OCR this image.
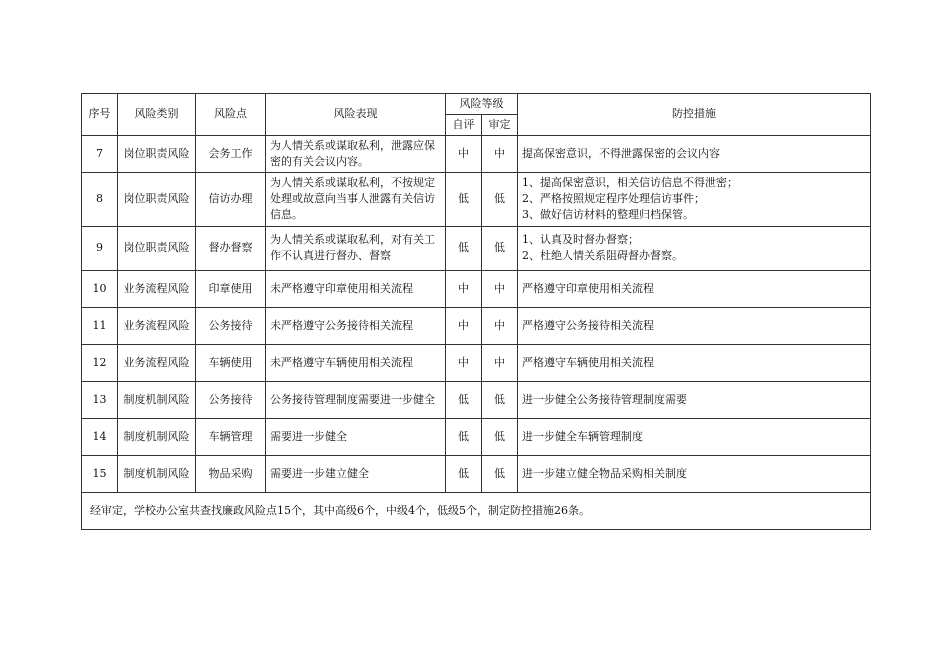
序号	风险类别	风险点	风险表现	风险等级		防控措施
				自评	审定	
7	岗位职责风险	会务工作	为人情关系或谋取私利，泄露应保密的有关会议内容。	中	中	提高保密意识，不得泄露保密的会议内容

8	岗位职责风险	信访办理	为人情关系或谋取私利，不按规定处理或故意向当事人泄露有关信访信息。	低	低	1、提高保密意识，相关信访信息不得泄密；
2、严格按照规定程序处理信访事件；
3、做好信访材料的整理归档保管。

9	岗位职责风险	督办督察	为人情关系或谋取私利，对有关工作不认真进行督办、督察	低	低	1、认真及时督办督察；
2、杜绝人情关系阻碍督办督察。

10	业务流程风险	印章使用	未严格遵守印章使用相关流程	中	中	严格遵守印章使用相关流程

11	业务流程风险	公务接待	未严格遵守公务接待相关流程	中	中	严格遵守公务接待相关流程

12	业务流程风险	车辆使用	未严格遵守车辆使用相关流程	中	中	严格遵守车辆使用相关流程

13	制度机制风险	公务接待	公务接待管理制度需要进一步健全	低	低	进一步健全公务接待管理制度需要

14	制度机制风险	车辆管理	需要进一步健全	低	低	进一步健全车辆管理制度

15	制度机制风险	物品采购	需要进一步建立健全	低	低	进一步建立健全物品采购相关制度

经审定，学校办公室共查找廉政风险点15个，其中高级6个，中级4个，低级5个，制定防控措施26条。						
